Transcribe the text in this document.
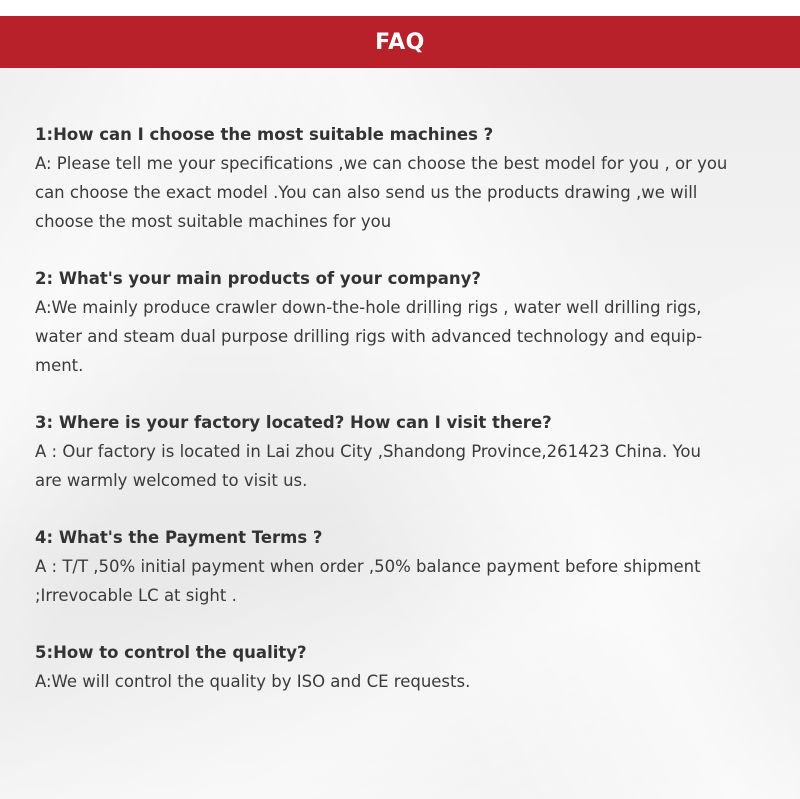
FAQ

1:How can I choose the most suitable machines ?

A: Please tell me your specifications ,we can choose the best model for you , or you

can choose the exact model .You can also send us the products drawing ,we will

choose the most suitable machines for you

2: What's your main products of your company?

A:We mainly produce crawler down-the-hole drilling rigs , water well drilling rigs,

water and steam dual purpose drilling rigs with advanced technology and equip-

ment.

3: Where is your factory located? How can I visit there?

A : Our factory is located in Lai zhou City ,Shandong Province,261423 China. You

are warmly welcomed to visit us.

4: What's the Payment Terms ?

A : T/T ,50% initial payment when order ,50% balance payment before shipment

;Irrevocable LC at sight .

5:How to control the quality?

A:We will control the quality by ISO and CE requests.
